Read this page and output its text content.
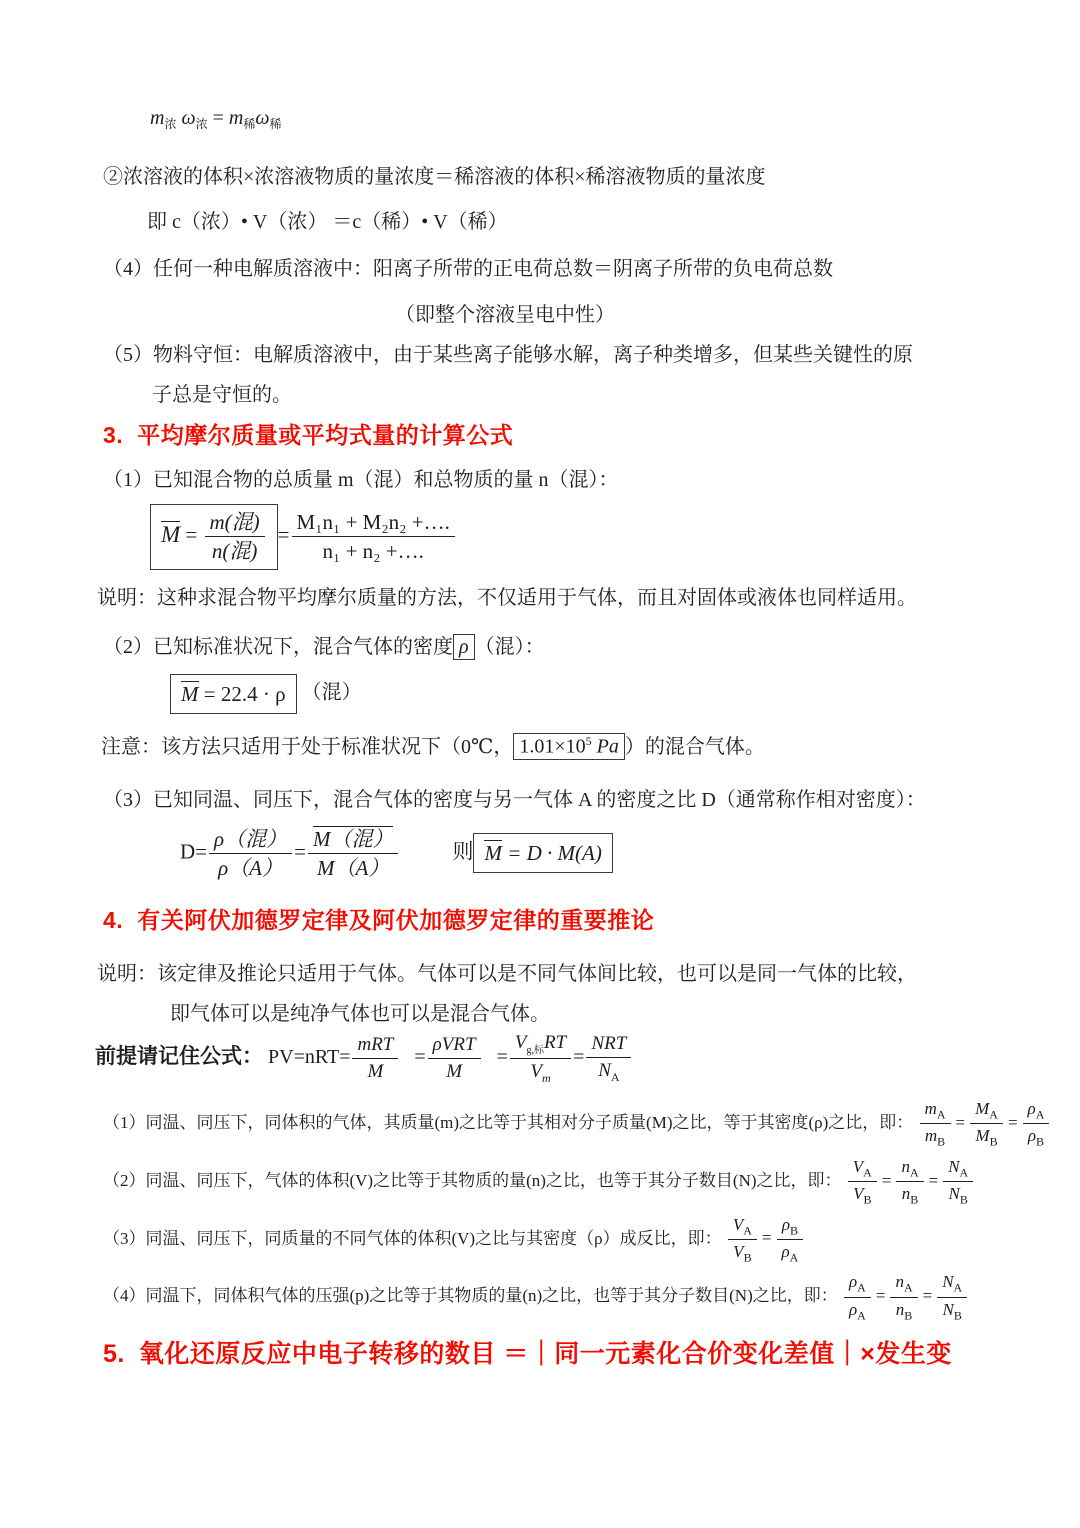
$m_浓$ $\omega_浓 = m_稀\omega_稀$
②浓溶液的体积×浓溶液物质的量浓度＝稀溶液的体积×稀溶液物质的量浓度
即 c（浓）• V（浓） ＝c（稀）• V（稀）
（4）任何一种电解质溶液中：阳离子所带的正电荷总数＝阴离子所带的负电荷总数
（即整个溶液呈电中性）
（5）物料守恒：电解质溶液中，由于某些离子能够水解，离子种类增多，但某些关键性的原
子总是守恒的。
3. 平均摩尔质量或平均式量的计算公式
（1）已知混合物的总质量 m（混）和总物质的量 n（混）：
$M = \frac{\text{m(混)}}{\text{n(混)}} = \frac{\text{M₁n₁ + M₂n₂ +….}}{\text{n₁ + n₂ +….}}$
说明：这种求混合物平均摩尔质量的方法，不仅适用于气体，而且对固体或液体也同样适用。
（2）已知标准状况下，混合气体的密度 ρ （混）：
M = 22.4 · ρ （混）
注意：该方法只适用于处于标准状况下（0℃， $1.01\times 10^5$ Pa ）的混合气体。
（3）已知同温、同压下，混合气体的密度与另一气体 A 的密度之比 D（通常称作相对密度）：
$D= \frac{\text{ρ（混）}}{\rho(A)} = \frac{\text{M（混）}}{M(A)}$	则 M = D · M(A)
4. 有关阿伏加德罗定律及阿伏加德罗定律的重要推论
说明：该定律及推论只适用于气体。气体可以是不同气体间比较，也可以是同一气体的比较，
即气体可以是纯净气体也可以是混合气体。
前提请记住公式： $PV=nRT= \frac{\text{mRT}}{M} = \frac{\text{ρVRT}}{M} = \frac{V_{g,标}RT}{V_m} = \frac{\text{NRT}}{N_A}$
（1）同温、同压下，同体积的气体，其质量(m)之比等于其相对分子质量(M)之比，等于其密度(ρ)之比，即： $\frac{m_A}{m_B} = \frac{M_A}{M_B} = \frac{\rho_A}{\rho_B}$
（2）同温、同压下，气体的体积(V)之比等于其物质的量(n)之比，也等于其分子数目(N)之比，即： $\frac{V_A}{V_B} = \frac{n_A}{n_B} = \frac{N_A}{N_B}$
（3）同温、同压下，同质量的不同气体的体积(V)之比与其密度（ρ）成反比，即： $\frac{V_A}{V_B} = \frac{\rho_B}{\rho_A}$
（4）同温下，同体积气体的压强(p)之比等于其物质的量(n)之比，也等于其分子数目(N)之比，即： $\frac{\rho_A}{\rho_A} = \frac{n_A}{n_B} = \frac{N_A}{N_B}$
5. 氧化还原反应中电子转移的数目 ＝｜同一元素化合价变化差值｜×发生变
